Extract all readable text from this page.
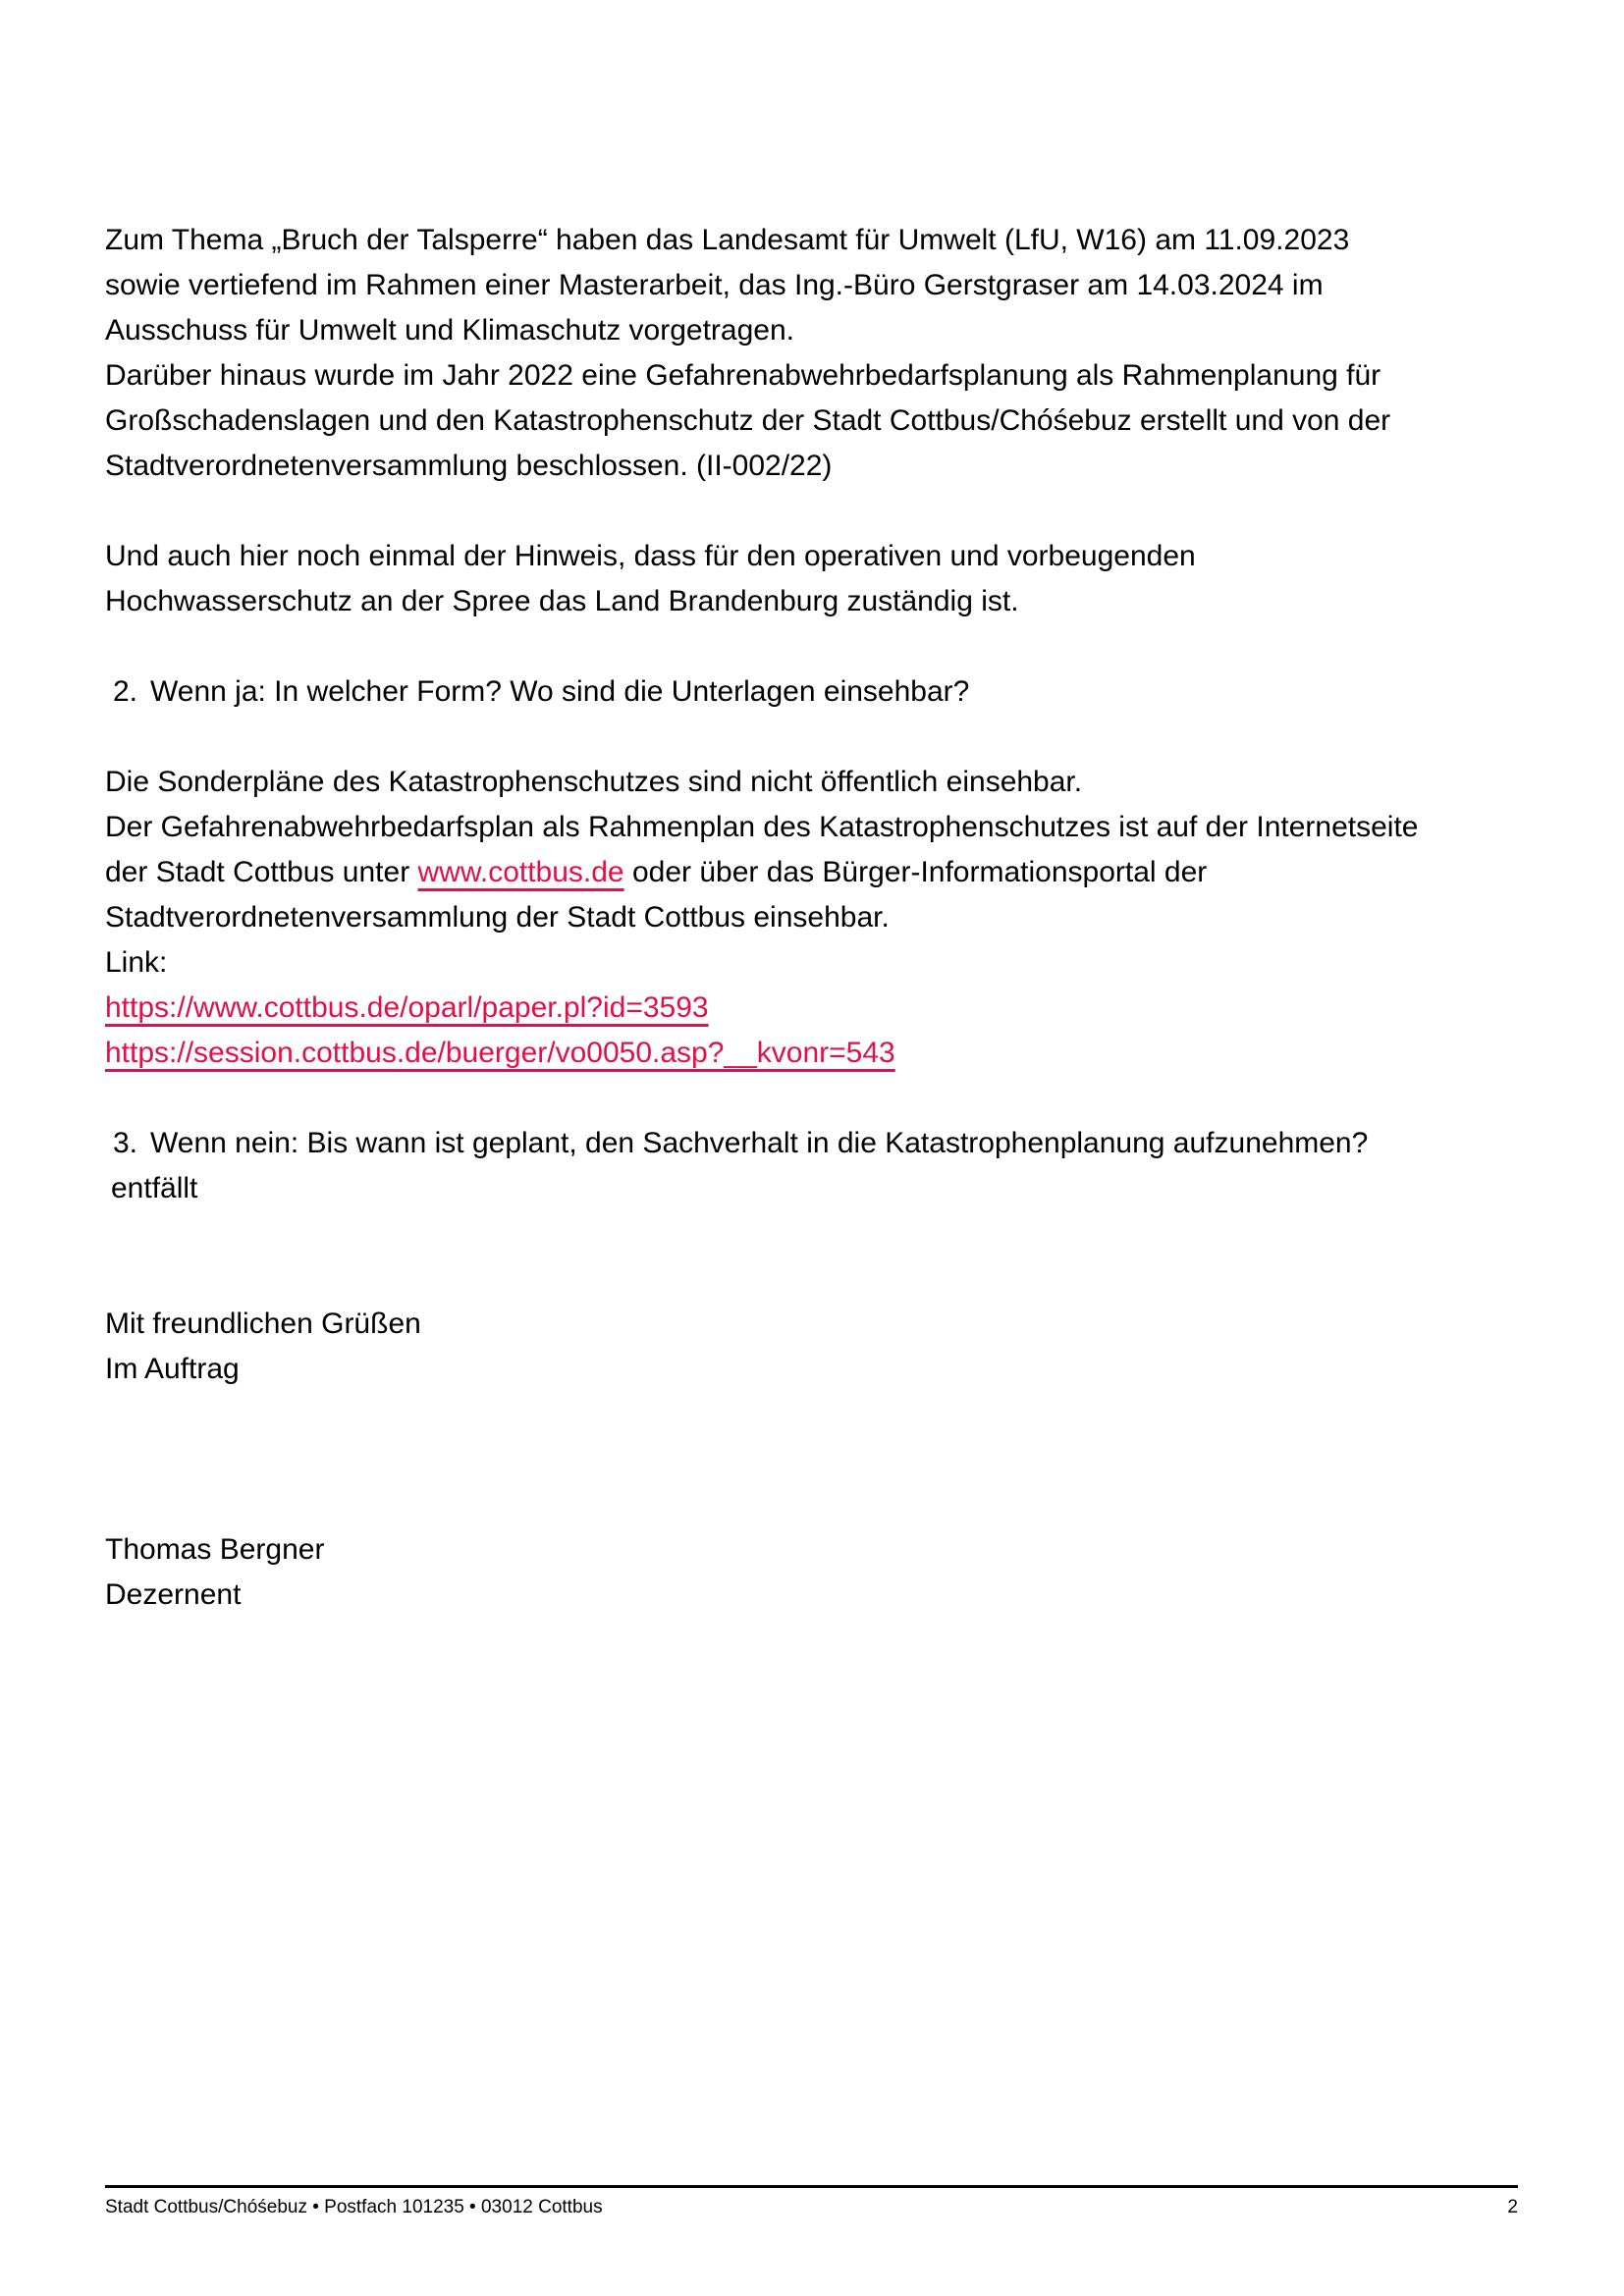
Zum Thema „Bruch der Talsperre“ haben das Landesamt für Umwelt (LfU, W16) am 11.09.2023
sowie vertiefend im Rahmen einer Masterarbeit, das Ing.-Büro Gerstgraser am 14.03.2024 im
Ausschuss für Umwelt und Klimaschutz vorgetragen.
Darüber hinaus wurde im Jahr 2022 eine Gefahrenabwehrbedarfsplanung als Rahmenplanung für
Großschadenslagen und den Katastrophenschutz der Stadt Cottbus/Chóśebuz erstellt und von der
Stadtverordnetenversammlung beschlossen. (II-002/22)
Und auch hier noch einmal der Hinweis, dass für den operativen und vorbeugenden
Hochwasserschutz an der Spree das Land Brandenburg zuständig ist.
2. Wenn ja: In welcher Form? Wo sind die Unterlagen einsehbar?
Die Sonderpläne des Katastrophenschutzes sind nicht öffentlich einsehbar.
Der Gefahrenabwehrbedarfsplan als Rahmenplan des Katastrophenschutzes ist auf der Internetseite
der Stadt Cottbus unter www.cottbus.de oder über das Bürger-Informationsportal der
Stadtverordnetenversammlung der Stadt Cottbus einsehbar.
Link:
https://www.cottbus.de/oparl/paper.pl?id=3593
https://session.cottbus.de/buerger/vo0050.asp?__kvonr=543
3. Wenn nein: Bis wann ist geplant, den Sachverhalt in die Katastrophenplanung aufzunehmen?
entfällt
Mit freundlichen Grüßen
Im Auftrag
Thomas Bergner
Dezernent
Stadt Cottbus/Chóśebuz • Postfach 101235 • 03012 Cottbus	2
